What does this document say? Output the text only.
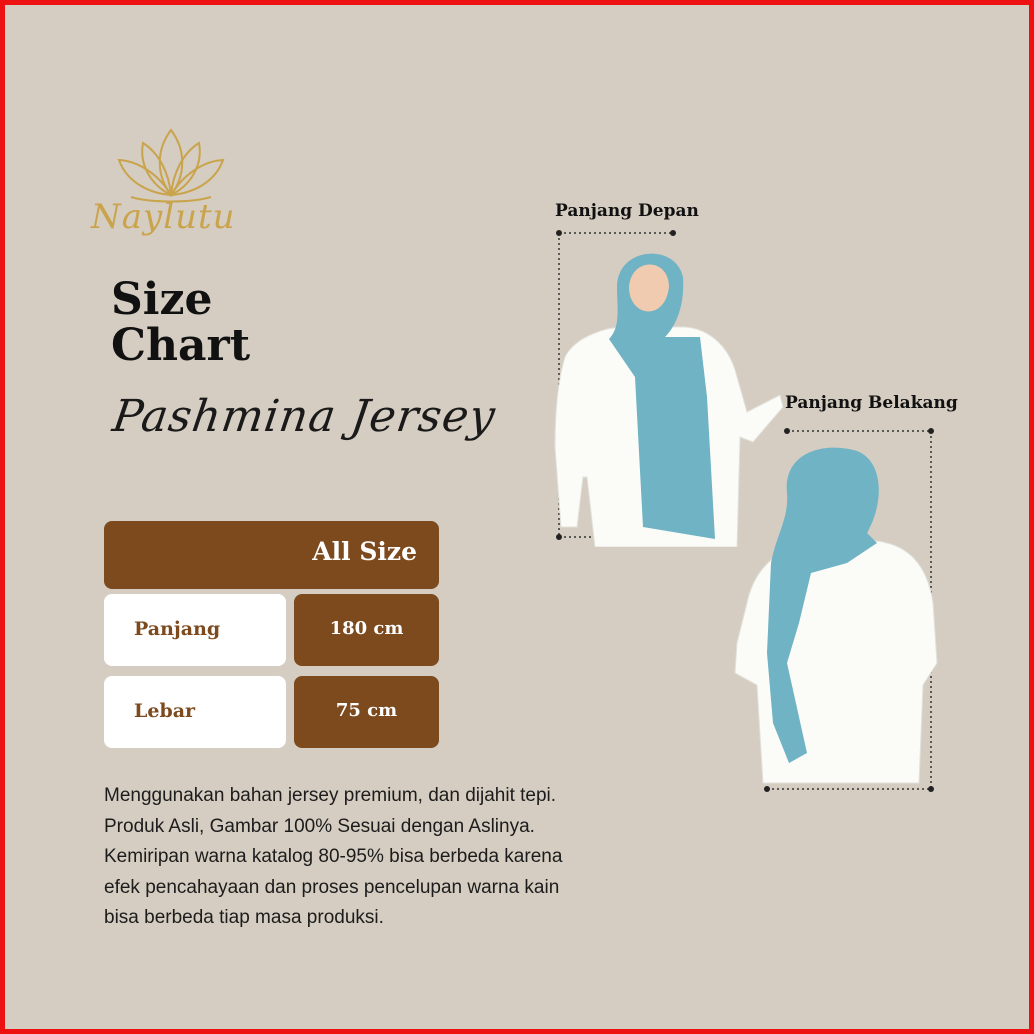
Naylutu
Size
Chart
Pashmina Jersey
All Size
Panjang	180 cm
Lebar	75 cm
Menggunakan bahan jersey premium, dan dijahit tepi.
Produk Asli, Gambar 100% Sesuai dengan Aslinya.
Kemiripan warna katalog 80-95% bisa berbeda karena
efek pencahayaan dan proses pencelupan warna kain
bisa berbeda tiap masa produksi.
Panjang Depan
Panjang Belakang
